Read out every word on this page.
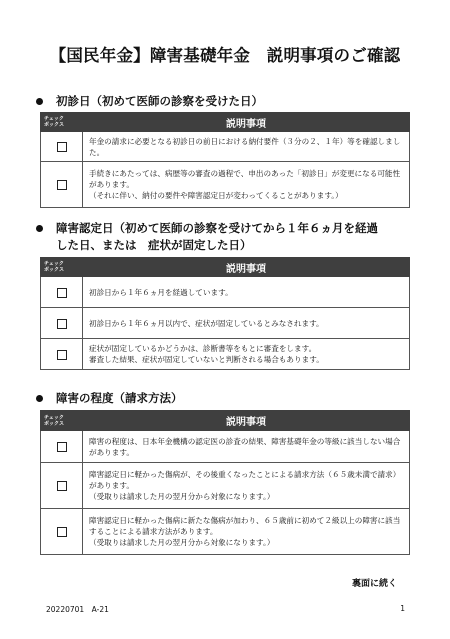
【国民年金】障害基礎年金　説明事項のご確認
初診日（初めて医師の診察を受けた日）
チェック
ボックス	説明事項
	年金の請求に必要となる初診日の前日における納付要件（３分の２、１年）等を確認しました。
	手続きにあたっては、病歴等の審査の過程で、申出のあった「初診日」が変更になる可能性があります。
（それに伴い、納付の要件や障害認定日が変わってくることがあります。）
障害認定日（初めて医師の診察を受けてから１年６ヵ月を経過した日、または　症状が固定した日）
チェック
ボックス	説明事項
	初診日から１年６ヵ月を経過しています。
	初診日から１年６ヵ月以内で、症状が固定しているとみなされます。
	症状が固定しているかどうかは、診断書等をもとに審査をします。
審査した結果、症状が固定していないと判断される場合もあります。
障害の程度（請求方法）
チェック
ボックス	説明事項
	障害の程度は、日本年金機構の認定医の診査の結果、障害基礎年金の等級に該当しない場合があります。
	障害認定日に軽かった傷病が、その後重くなったことによる請求方法（６５歳未満で請求）があります。
（受取りは請求した月の翌月分から対象になります。）
	障害認定日に軽かった傷病に新たな傷病が加わり、６５歳前に初めて２級以上の障害に該当することによる請求方法があります。
（受取りは請求した月の翌月分から対象になります。）
裏面に続く
20220701　A-21	1
